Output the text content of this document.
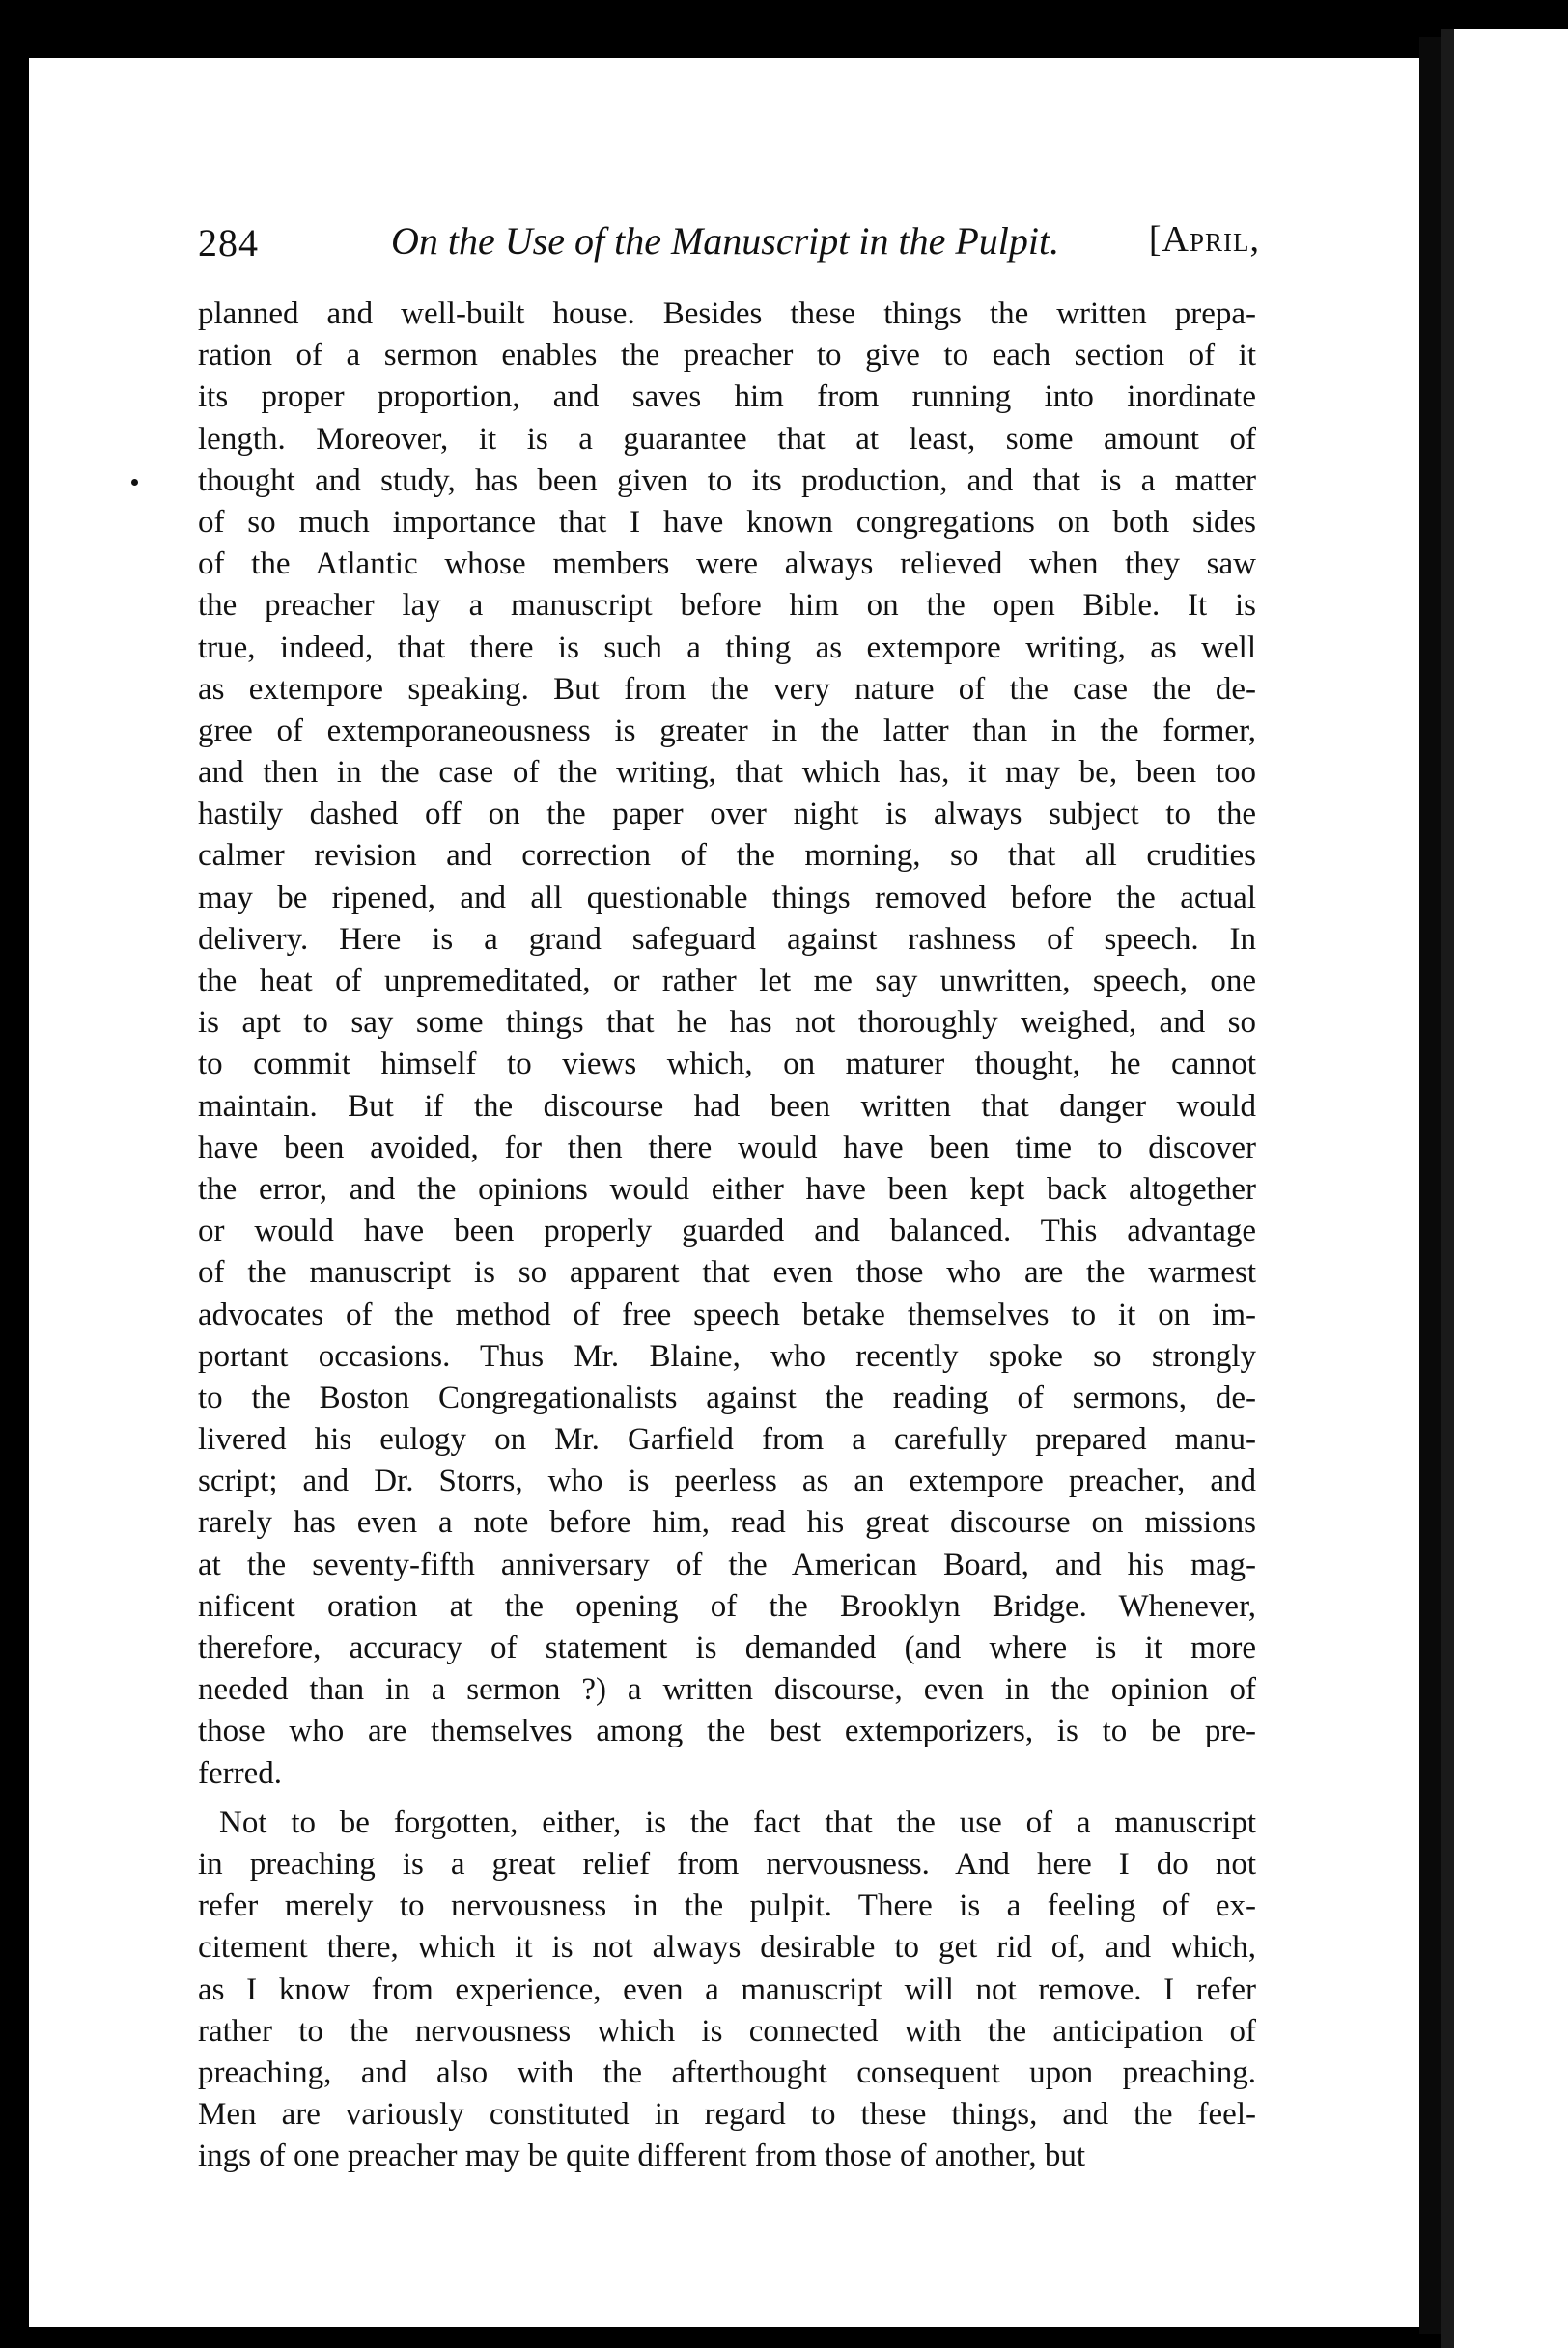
284	On the Use of the Manuscript in the Pulpit. [April,
planned and well-built house. Besides these things the written prepa-
ration of a sermon enables the preacher to give to each section of it
its proper proportion, and saves him from running into inordinate
length. Moreover, it is a guarantee that at least, some amount of
thought and study, has been given to its production, and that is a matter
of so much importance that I have known congregations on both sides
of the Atlantic whose members were always relieved when they saw
the preacher lay a manuscript before him on the open Bible. It is
true, indeed, that there is such a thing as extempore writing, as well
as extempore speaking. But from the very nature of the case the de-
gree of extemporaneousness is greater in the latter than in the former,
and then in the case of the writing, that which has, it may be, been too
hastily dashed off on the paper over night is always subject to the
calmer revision and correction of the morning, so that all crudities
may be ripened, and all questionable things removed before the actual
delivery. Here is a grand safeguard against rashness of speech. In
the heat of unpremeditated, or rather let me say unwritten, speech, one
is apt to say some things that he has not thoroughly weighed, and so
to commit himself to views which, on maturer thought, he cannot
maintain. But if the discourse had been written that danger would
have been avoided, for then there would have been time to discover
the error, and the opinions would either have been kept back altogether
or would have been properly guarded and balanced. This advantage
of the manuscript is so apparent that even those who are the warmest
advocates of the method of free speech betake themselves to it on im-
portant occasions. Thus Mr. Blaine, who recently spoke so strongly
to the Boston Congregationalists against the reading of sermons, de-
livered his eulogy on Mr. Garfield from a carefully prepared manu-
script; and Dr. Storrs, who is peerless as an extempore preacher, and
rarely has even a note before him, read his great discourse on missions
at the seventy-fifth anniversary of the American Board, and his mag-
nificent oration at the opening of the Brooklyn Bridge. Whenever,
therefore, accuracy of statement is demanded (and where is it more
needed than in a sermon ?) a written discourse, even in the opinion of
those who are themselves among the best extemporizers, is to be pre-
ferred.
Not to be forgotten, either, is the fact that the use of a manuscript
in preaching is a great relief from nervousness. And here I do not
refer merely to nervousness in the pulpit. There is a feeling of ex-
citement there, which it is not always desirable to get rid of, and which,
as I know from experience, even a manuscript will not remove. I refer
rather to the nervousness which is connected with the anticipation of
preaching, and also with the afterthought consequent upon preaching.
Men are variously constituted in regard to these things, and the feel-
ings of one preacher may be quite different from those of another, but
